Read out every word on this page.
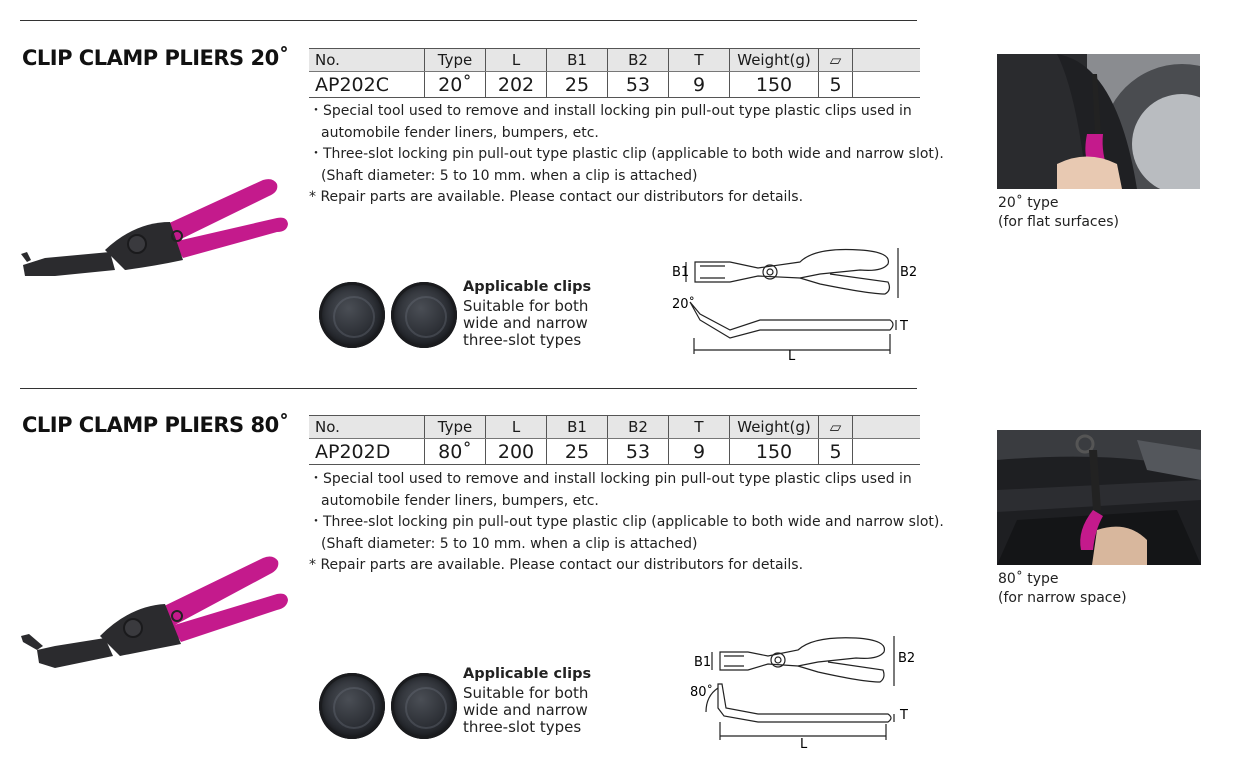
CLIP CLAMP PLIERS 20˚ No.	Type	L	B1	B2	T	Weight(g)	▱	
AP202C	20˚	202	25	53	9	150	5	
・Special tool used to remove and install locking pin pull-out type plastic clips used in
automobile fender liners, bumpers, etc.
・Three-slot locking pin pull-out type plastic clip (applicable to both wide and narrow slot).
(Shaft diameter: 5 to 10 mm. when a clip is attached)
* Repair parts are available. Please contact our distributors for details.
Applicable clips
Suitable for both
wide and narrow
three-slot types
B1	B2
20˚
T
L
20˚ type
(for flat surfaces)
CLIP CLAMP PLIERS 80˚ No.	Type	L	B1	B2	T	Weight(g)	▱	
AP202D	80˚	200	25	53	9	150	5	
・Special tool used to remove and install locking pin pull-out type plastic clips used in
automobile fender liners, bumpers, etc.
・Three-slot locking pin pull-out type plastic clip (applicable to both wide and narrow slot).
(Shaft diameter: 5 to 10 mm. when a clip is attached)
* Repair parts are available. Please contact our distributors for details.
Applicable clips
Suitable for both
wide and narrow
three-slot types
B1	B2
80˚
T
L
80˚ type
(for narrow space)
